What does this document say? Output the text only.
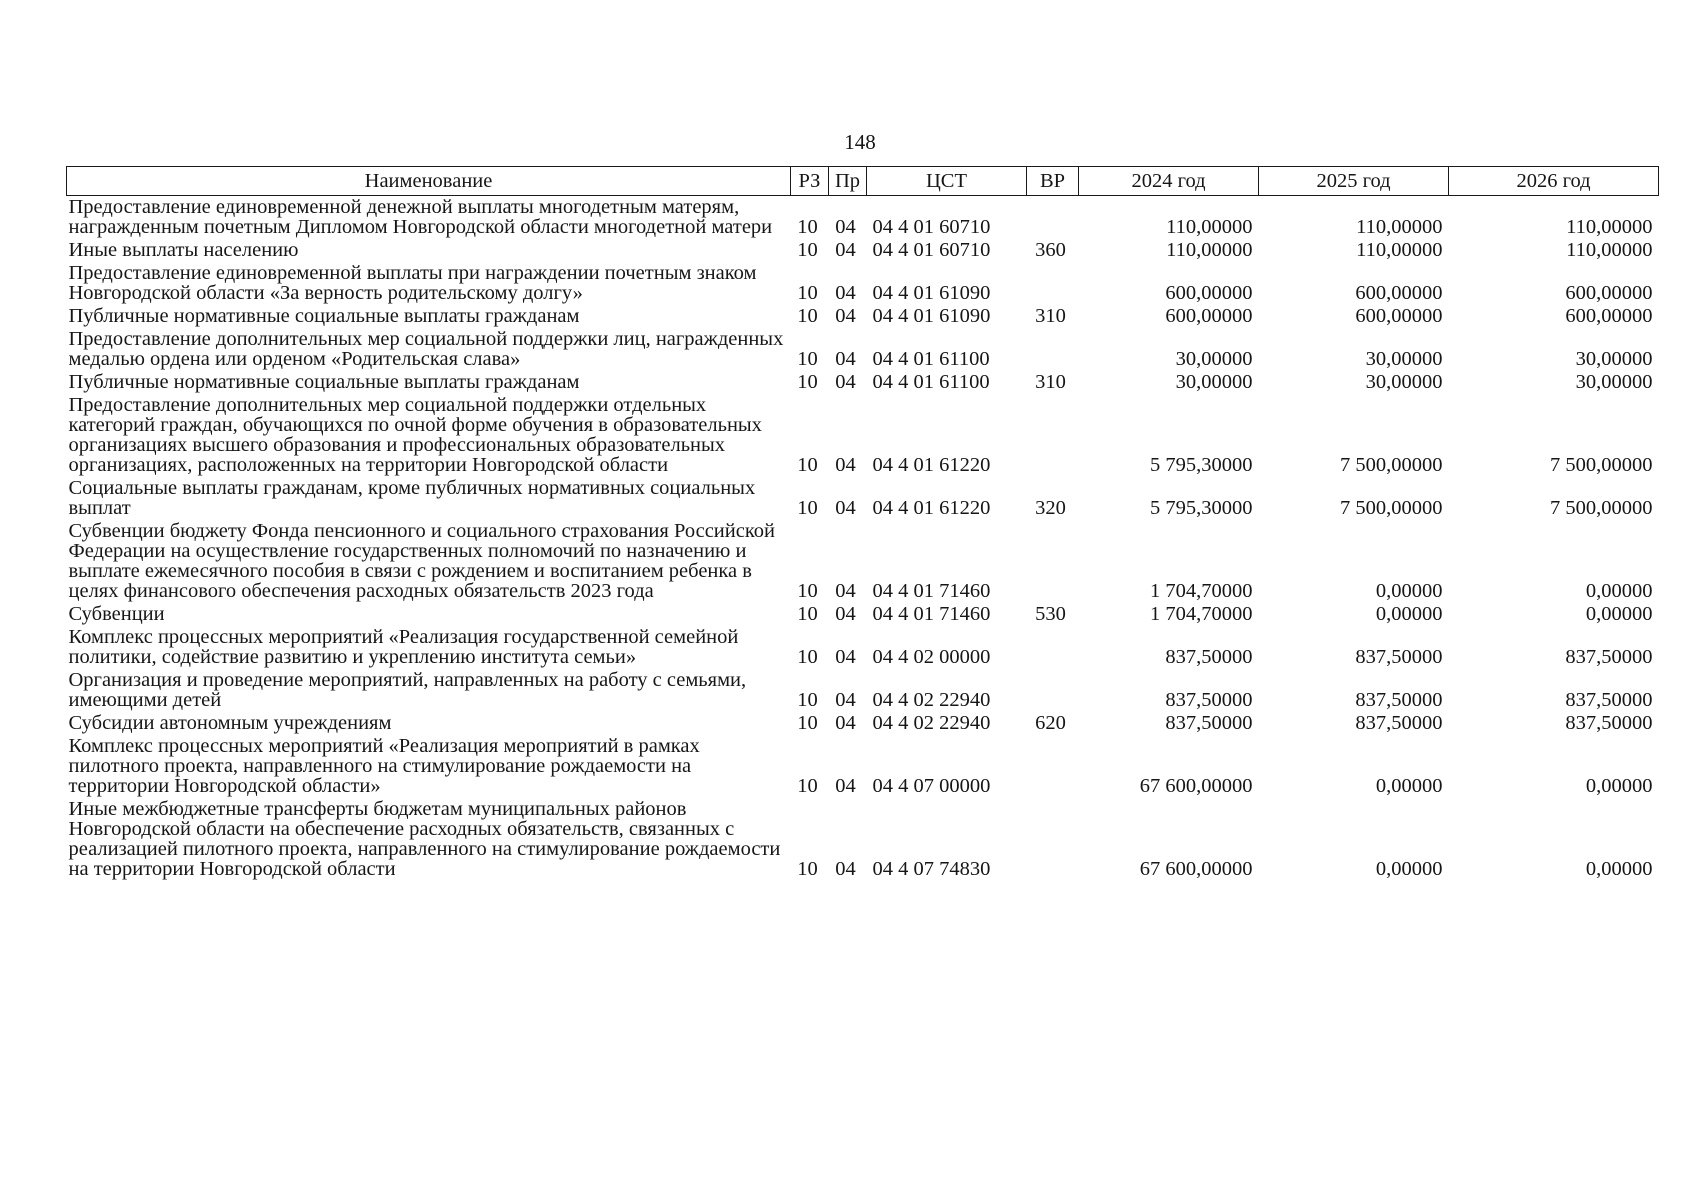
148
Наименование	РЗ	Пр	ЦСТ	ВР	2024 год	2025 год	2026 год
Предоставление единовременной денежной выплаты многодетным матерям, награжденным почетным Дипломом Новгородской области многодетной матери	10	04	04 4 01 60710		110,00000	110,00000	110,00000
Иные выплаты населению	10	04	04 4 01 60710	360	110,00000	110,00000	110,00000
Предоставление единовременной выплаты при награждении почетным знаком Новгородской области «За верность родительскому долгу»	10	04	04 4 01 61090		600,00000	600,00000	600,00000
Публичные нормативные социальные выплаты гражданам	10	04	04 4 01 61090	310	600,00000	600,00000	600,00000
Предоставление дополнительных мер социальной поддержки лиц, награжденных медалью ордена или орденом «Родительская слава»	10	04	04 4 01 61100		30,00000	30,00000	30,00000
Публичные нормативные социальные выплаты гражданам	10	04	04 4 01 61100	310	30,00000	30,00000	30,00000
Предоставление дополнительных мер социальной поддержки отдельных категорий граждан, обучающихся по очной форме обучения в образовательных организациях высшего образования и профессиональных образовательных организациях, расположенных на территории Новгородской области	10	04	04 4 01 61220		5 795,30000	7 500,00000	7 500,00000
Социальные выплаты гражданам, кроме публичных нормативных социальных выплат	10	04	04 4 01 61220	320	5 795,30000	7 500,00000	7 500,00000
Субвенции бюджету Фонда пенсионного и социального страхования Российской Федерации на осуществление государственных полномочий по назначению и выплате ежемесячного пособия в связи с рождением и воспитанием ребенка в целях финансового обеспечения расходных обязательств 2023 года	10	04	04 4 01 71460		1 704,70000	0,00000	0,00000
Субвенции	10	04	04 4 01 71460	530	1 704,70000	0,00000	0,00000
Комплекс процессных мероприятий «Реализация государственной семейной политики, содействие развитию и укреплению института семьи»	10	04	04 4 02 00000		837,50000	837,50000	837,50000
Организация и проведение мероприятий, направленных на работу с семьями, имеющими детей	10	04	04 4 02 22940		837,50000	837,50000	837,50000
Субсидии автономным учреждениям	10	04	04 4 02 22940	620	837,50000	837,50000	837,50000
Комплекс процессных мероприятий «Реализация мероприятий в рамках пилотного проекта, направленного на стимулирование рождаемости на территории Новгородской области»	10	04	04 4 07 00000		67 600,00000	0,00000	0,00000
Иные межбюджетные трансферты бюджетам муниципальных районов Новгородской области на обеспечение расходных обязательств, связанных с реализацией пилотного проекта, направленного на стимулирование рождаемости на территории Новгородской области	10	04	04 4 07 74830		67 600,00000	0,00000	0,00000
